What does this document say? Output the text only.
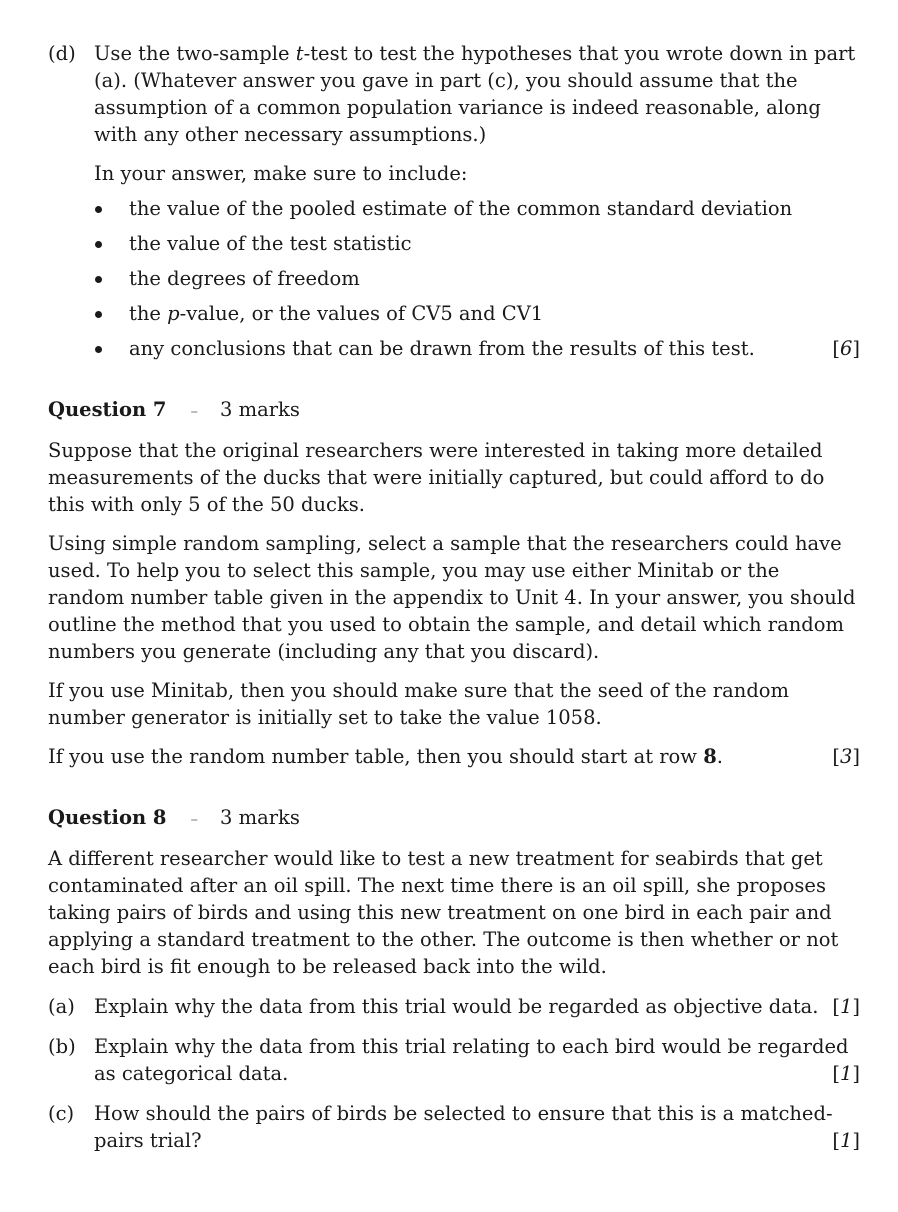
(d) Use the two-sample t-test to test the hypotheses that you wrote down in part (a). (Whatever answer you gave in part (c), you should assume that the assumption of a common population variance is indeed reasonable, along with any other necessary assumptions.)

In your answer, make sure to include:

the value of the pooled estimate of the common standard deviation
the value of the test statistic
the degrees of freedom
the p-value, or the values of CV5 and CV1
[ 6 ]
any conclusions that can be drawn from the results of this test.
Question 7 – 3 marks

Suppose that the original researchers were interested in taking more detailed measurements of the ducks that were initially captured, but could afford to do this with only 5 of the 50 ducks.

Using simple random sampling, select a sample that the researchers could have used. To help you to select this sample, you may use either Minitab or the random number table given in the appendix to Unit 4. In your answer, you should outline the method that you used to obtain the sample, and detail which random numbers you generate (including any that you discard).

If you use Minitab, then you should make sure that the seed of the random number generator is initially set to take the value 1058.

[ 3 ]
If you use the random number table, then you should start at row 8.

Question 8 – 3 marks

A different researcher would like to test a new treatment for seabirds that get contaminated after an oil spill. The next time there is an oil spill, she proposes taking pairs of birds and using this new treatment on one bird in each pair and applying a standard treatment to the other. The outcome is then whether or not each bird is fit enough to be released back into the wild.

(a) Explain why the data from this trial would be regarded as objective data.	[ 1 ]
(b) Explain why the data from this trial relating to each bird would be regarded as categorical data.	[ 1 ]
(c)	How should the pairs of birds be selected to ensure that this is a matched-pairs trial?	[ 1 ]
